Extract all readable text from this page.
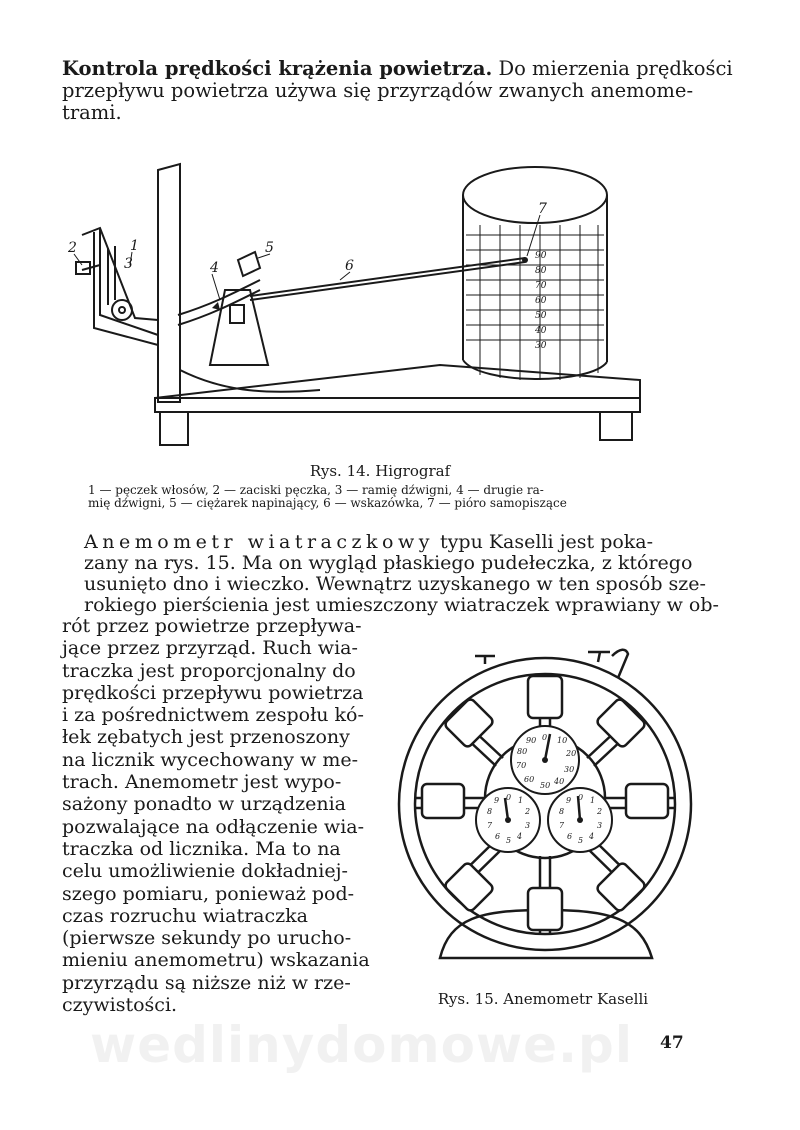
Kontrola prędkości krążenia powietrza. Do mierzenia prędkości
przepływu powietrza używa się przyrządów zwanych anemome-
trami.

90
80
70
60
50
40
30
1
2
3	4
5
6
7
Rys. 14. Higrograf
1 — pęczek włosów, 2 — zaciski pęczka, 3 — ramię dźwigni, 4 — drugie ra-
mię dźwigni, 5 — ciężarek napinający, 6 — wskazówka, 7 — pióro samopiszące

Anemometr wiatraczkowy typu Kaselli jest poka-
zany na rys. 15. Ma on wygląd płaskiego pudełeczka, z którego
usunięto dno i wieczko. Wewnątrz uzyskanego w ten sposób sze-
rokiego pierścienia jest umieszczony wiatraczek wprawiany w ob-

rót przez powietrze przepływa-
jące przez przyrząd. Ruch wia-
traczka jest proporcjonalny do
prędkości przepływu powietrza
i za pośrednictwem zespołu kó-
łek zębatych jest przenoszony
na licznik wycechowany w me-
trach. Anemometr jest wypo-
sażony ponadto w urządzenia
pozwalające na odłączenie wia-
traczka od licznika. Ma to na
celu umożliwienie dokładniej-
szego pomiaru, ponieważ pod-
czas rozruchu wiatraczka
(pierwsze sekundy po urucho-
mieniu anemometru) wskazania
przyrządu są niższe niż w rze-
czywistości.

0 10
20
30
40
50
60
70
80
90
0 1
2
3
4
5
6
7
8
9	0 1
2
3
4
5
6
7
8
9
Rys. 15. Anemometr Kaselli
wedlinydomowe.pl	47
